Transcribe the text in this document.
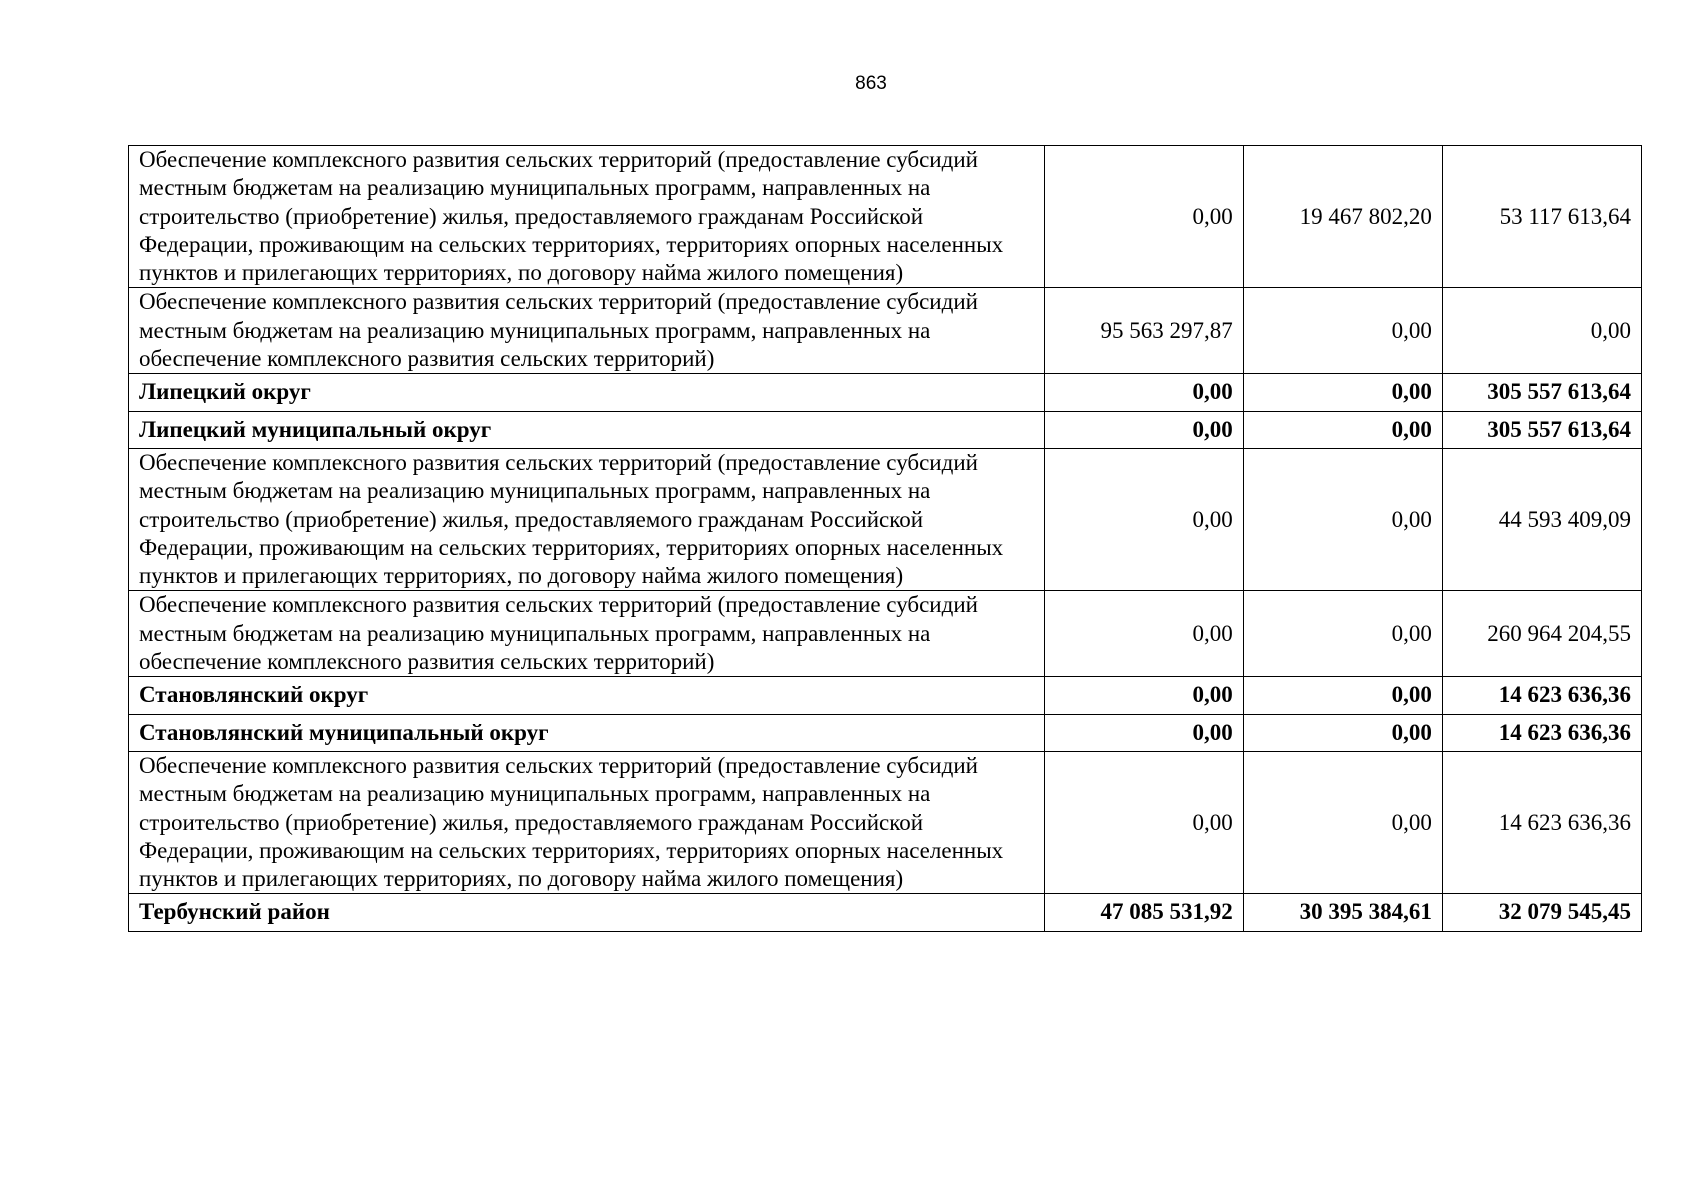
863
Обеспечение комплексного развития сельских территорий (предоставление субсидий местным бюджетам на реализацию муниципальных программ, направленных на строительство (приобретение) жилья, предоставляемого гражданам Российской Федерации, проживающим на сельских территориях, территориях опорных населенных пунктов и прилегающих территориях, по договору найма жилого помещения)	0,00	19 467 802,20	53 117 613,64
Обеспечение комплексного развития сельских территорий (предоставление субсидий местным бюджетам на реализацию муниципальных программ, направленных на обеспечение комплексного развития сельских территорий)	95 563 297,87	0,00	0,00
Липецкий округ	0,00	0,00	305 557 613,64
Липецкий муниципальный округ	0,00	0,00	305 557 613,64
Обеспечение комплексного развития сельских территорий (предоставление субсидий местным бюджетам на реализацию муниципальных программ, направленных на строительство (приобретение) жилья, предоставляемого гражданам Российской Федерации, проживающим на сельских территориях, территориях опорных населенных пунктов и прилегающих территориях, по договору найма жилого помещения)	0,00	0,00	44 593 409,09
Обеспечение комплексного развития сельских территорий (предоставление субсидий местным бюджетам на реализацию муниципальных программ, направленных на обеспечение комплексного развития сельских территорий)	0,00	0,00	260 964 204,55
Становлянский округ	0,00	0,00	14 623 636,36
Становлянский муниципальный округ	0,00	0,00	14 623 636,36
Обеспечение комплексного развития сельских территорий (предоставление субсидий местным бюджетам на реализацию муниципальных программ, направленных на строительство (приобретение) жилья, предоставляемого гражданам Российской Федерации, проживающим на сельских территориях, территориях опорных населенных пунктов и прилегающих территориях, по договору найма жилого помещения)	0,00	0,00	14 623 636,36
Тербунский район	47 085 531,92	30 395 384,61	32 079 545,45
